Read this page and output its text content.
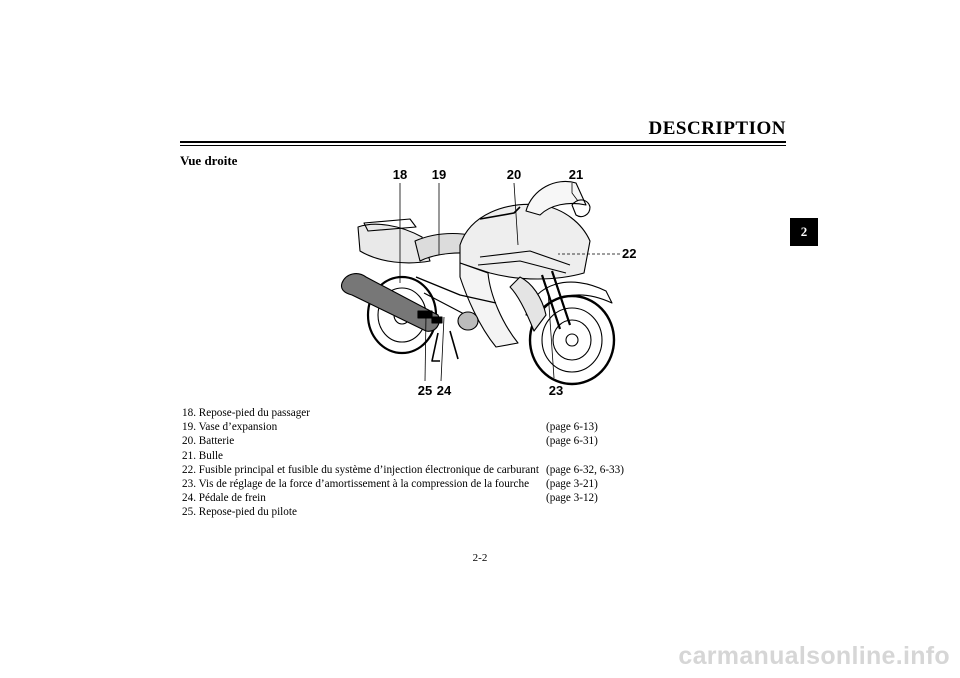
DESCRIPTION
2
Vue droite
18 19	20	21
22
23
24
25
18. Repose-pied du passager
19. Vase d’expansion	(page 6-13)
20. Batterie	(page 6-31)
21. Bulle
22. Fusible principal et fusible du système d’injection électronique de carburant (page 6-32, 6-33)
23. Vis de réglage de la force d’amortissement à la compression de la fourche (page 3-21)
24. Pédale de frein	(page 3-12)
25. Repose-pied du pilote
2-2
carmanualsonline.info
